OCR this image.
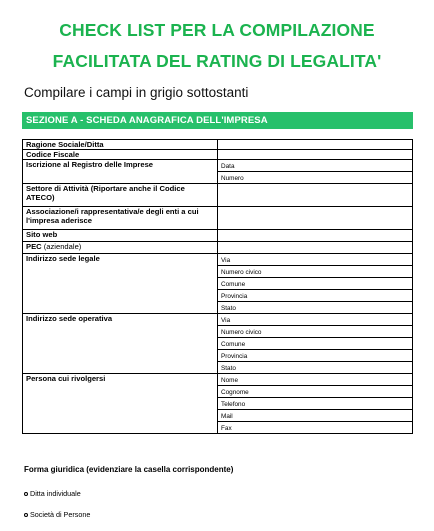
CHECK LIST PER LA COMPILAZIONE
FACILITATA DEL RATING DI LEGALITA'
Compilare i campi in grigio sottostanti
SEZIONE A - SCHEDA ANAGRAFICA DELL'IMPRESA
Ragione Sociale/Ditta	
Codice Fiscale	
Iscrizione al Registro delle Imprese	Data
	Numero
Settore di Attività (Riportare anche il Codice ATECO)	
Associazione/i rappresentativa/e degli enti a cui l'impresa aderisce	
Sito web	
PEC (aziendale)	
Indirizzo sede legale	Via
	Numero civico
	Comune
	Provincia
	Stato
Indirizzo sede operativa	Via
	Numero civico
	Comune
	Provincia
	Stato
Persona cui rivolgersi	Nome
	Cognome
	Telefono
	Mail
	Fax
Forma giuridica (evidenziare la casella corrispondente)
Ditta individuale
Società di Persone
